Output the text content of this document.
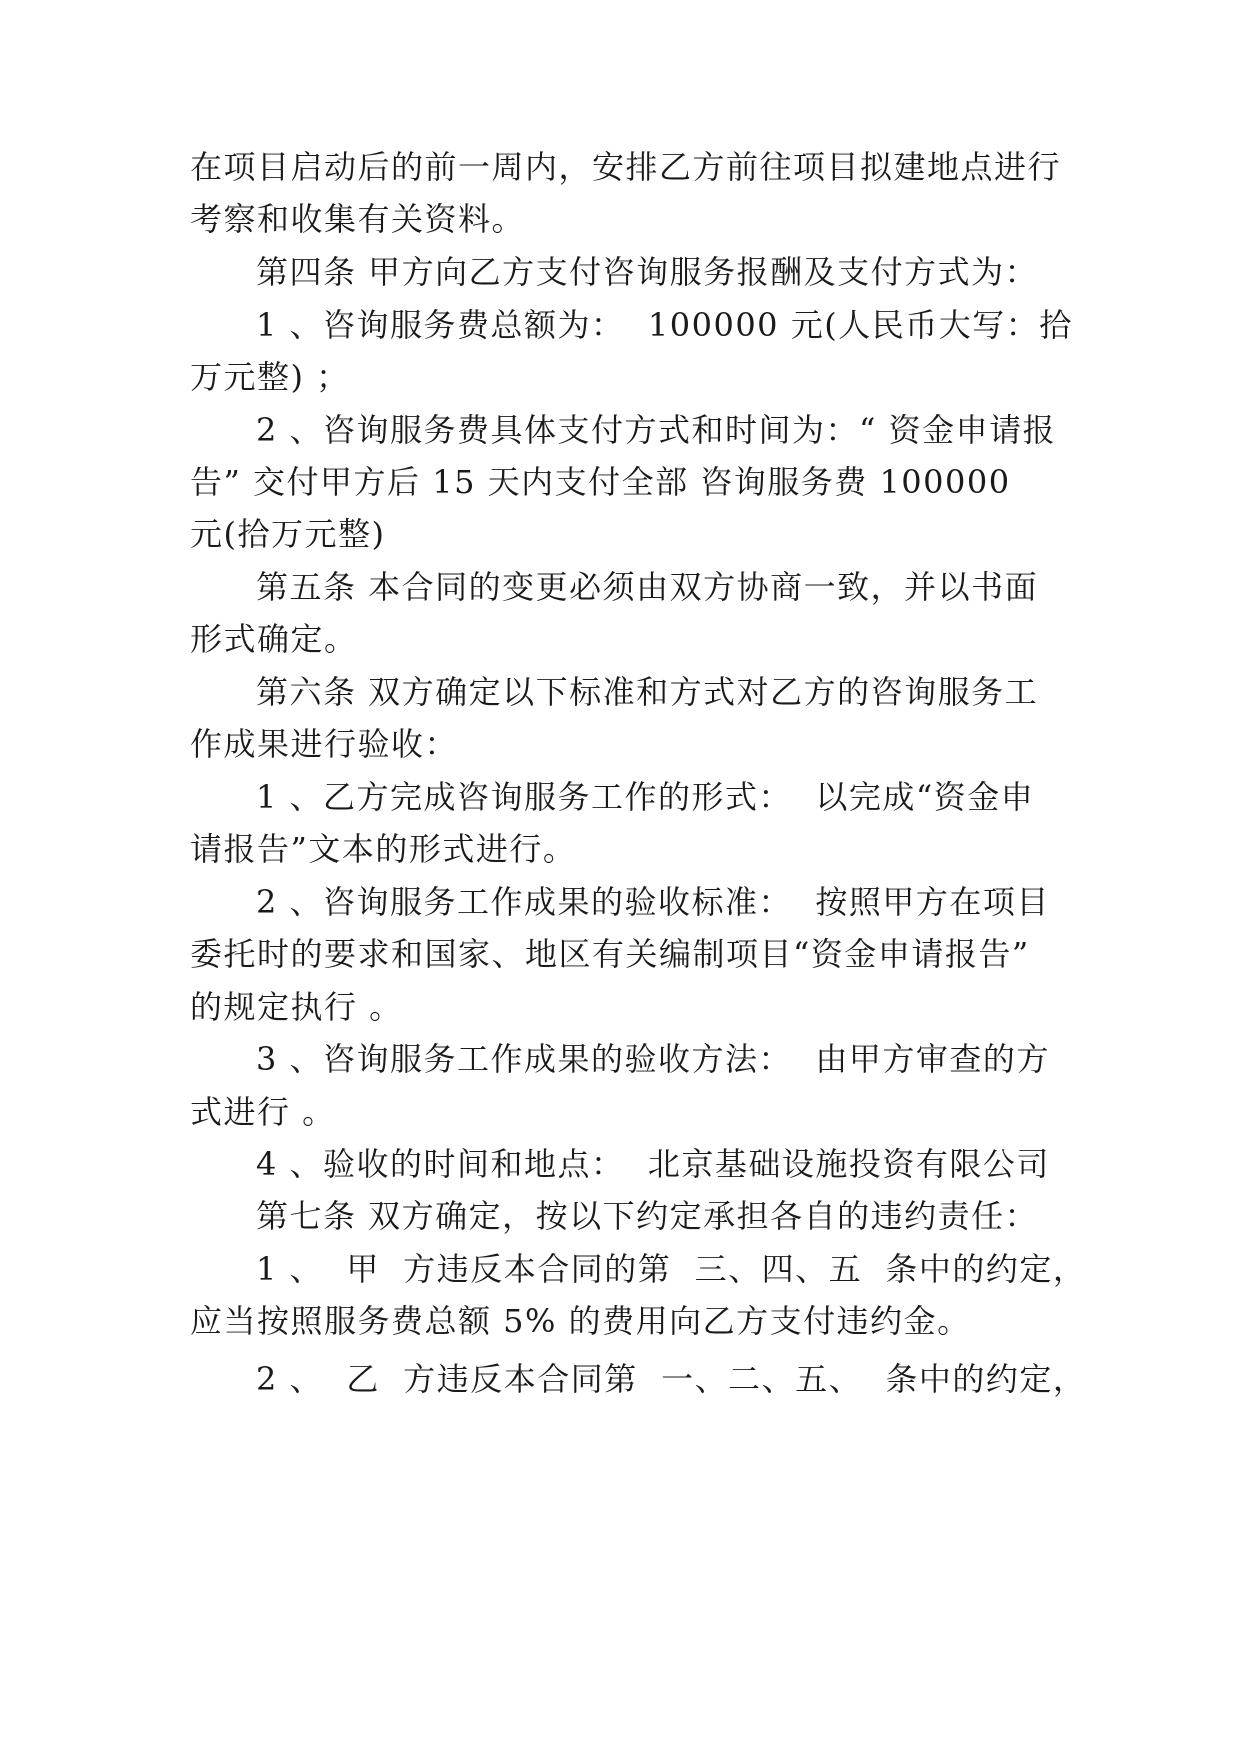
在项目启动后的前一周内，安排乙方前往项目拟建地点进行
考察和收集有关资料。
第四条 甲方向乙方支付咨询服务报酬及支付方式为：
1 、咨询服务费总额为：  100000 元(人民币大写：拾
万元整) ；
2 、咨询服务费具体支付方式和时间为：“ 资金申请报
告” 交付甲方后 15 天内支付全部 咨询服务费 100000
元(拾万元整)
第五条 本合同的变更必须由双方协商一致，并以书面
形式确定。
第六条 双方确定以下标准和方式对乙方的咨询服务工
作成果进行验收：
1 、乙方完成咨询服务工作的形式：  以完成“资金申
请报告”文本的形式进行。
2 、咨询服务工作成果的验收标准：  按照甲方在项目
委托时的要求和国家、地区有关编制项目“资金申请报告”
的规定执行 。
3 、咨询服务工作成果的验收方法：  由甲方审查的方
式进行 。
4 、验收的时间和地点：  北京基础设施投资有限公司
第七条 双方确定，按以下约定承担各自的违约责任：
1 、  甲  方违反本合同的第  三、四、五  条中的约定，
应当按照服务费总额 5% 的费用向乙方支付违约金。
2 、  乙  方违反本合同第  一、二、五、  条中的约定，
